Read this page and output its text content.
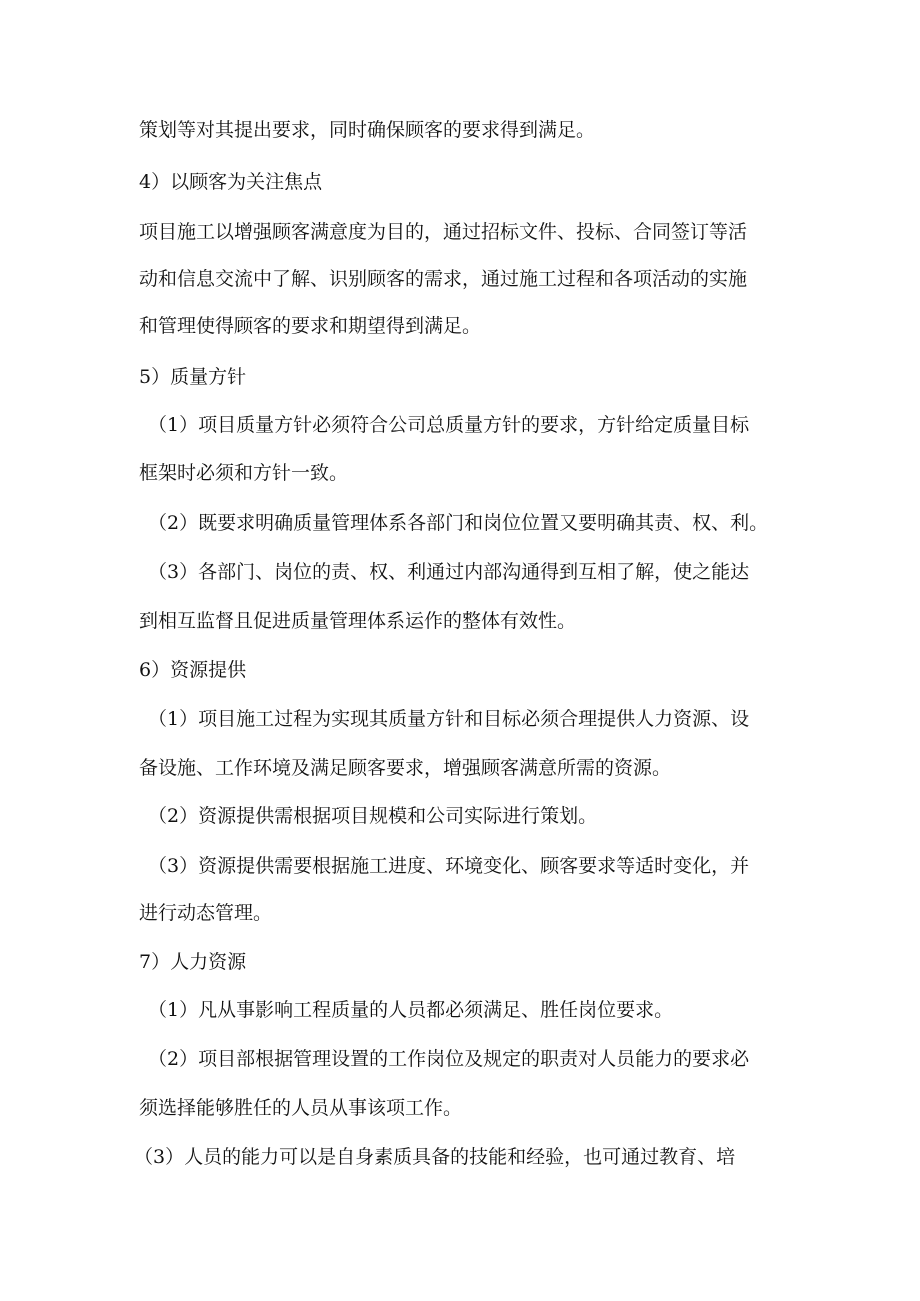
策划等对其提出要求，同时确保顾客的要求得到满足。
4）以顾客为关注焦点
项目施工以增强顾客满意度为目的，通过招标文件、投标、合同签订等活
动和信息交流中了解、识别顾客的需求，通过施工过程和各项活动的实施
和管理使得顾客的要求和期望得到满足。
5）质量方针
（1）项目质量方针必须符合公司总质量方针的要求，方针给定质量目标
框架时必须和方针一致。
（2）既要求明确质量管理体系各部门和岗位位置又要明确其责、权、利。
（3）各部门、岗位的责、权、利通过内部沟通得到互相了解，使之能达
到相互监督且促进质量管理体系运作的整体有效性。
6）资源提供
（1）项目施工过程为实现其质量方针和目标必须合理提供人力资源、设
备设施、工作环境及满足顾客要求，增强顾客满意所需的资源。
（2）资源提供需根据项目规模和公司实际进行策划。
（3）资源提供需要根据施工进度、环境变化、顾客要求等适时变化，并
进行动态管理。
7）人力资源
（1）凡从事影响工程质量的人员都必须满足、胜任岗位要求。
（2）项目部根据管理设置的工作岗位及规定的职责对人员能力的要求必
须选择能够胜任的人员从事该项工作。
（3）人员的能力可以是自身素质具备的技能和经验，也可通过教育、培
